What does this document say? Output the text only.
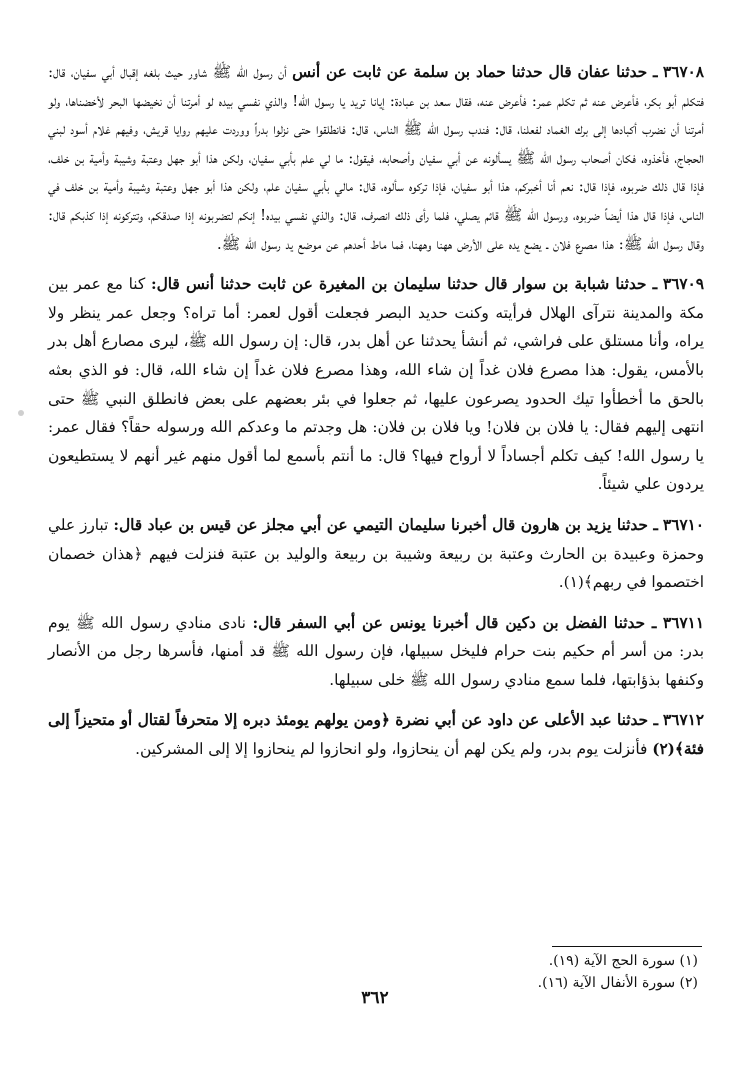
٣٦٧٠٨ ـ حدثنا عفان قال حدثنا حماد بن سلمة عن ثابت عن أنس أن رسول الله ﷺ شاور حيث بلغه إقبال أبي سفيان، قال: فتكلم أبو بكر، فأعرض عنه ثم تكلم عمر: فأعرض عنه، فقال سعد بن عبادة: إيانا تريد يا رسول الله! والذي نفسي بيده لو أمرتنا أن نخيضها البحر لأخضناها، ولو أمرتنا أن نضرب أكبادها إلى برك الغماد لفعلنا، قال: فندب رسول الله ﷺ الناس، قال: فانطلقوا حتى نزلوا بدراً ووردت عليهم روايا قريش، وفيهم غلام أسود لبني الحجاج، فأخذوه، فكان أصحاب رسول الله ﷺ يسألونه عن أبي سفيان وأصحابه، فيقول: ما لي علم بأبي سفيان، ولكن هذا أبو جهل وعتبة وشيبة وأمية بن خلف، فإذا قال ذلك ضربوه، فإذا قال: نعم أنا أخبركم، هذا أبو سفيان، فإذا تركوه سألوه، قال: مالي بأبي سفيان علم، ولكن هذا أبو جهل وعتبة وشيبة وأمية بن خلف في الناس، فإذا قال هذا أيضاً ضربوه، ورسول الله ﷺ قائم يصلي، فلما رأى ذلك انصرف، قال: والذي نفسي بيده! إنكم لتضربونه إذا صدقكم، وتتركونه إذا كذبكم قال: وقال رسول الله ﷺ: هذا مصرع فلان ـ يضع يده على الأرض ههنا وههنا، فما ماط أحدهم عن موضع يد رسول الله ﷺ.

٣٦٧٠٩ ـ حدثنا شبابة بن سوار قال حدثنا سليمان بن المغيرة عن ثابت حدثنا أنس قال: كنا مع عمر بين مكة والمدينة نترآى الهلال فرأيته وكنت حديد البصر فجعلت أقول لعمر: أما تراه؟ وجعل عمر ينظر ولا يراه، وأنا مستلق على فراشي، ثم أنشأ يحدثنا عن أهل بدر، قال: إن رسول الله ﷺ، ليرى مصارع أهل بدر بالأمس، يقول: هذا مصرع فلان غداً إن شاء الله، وهذا مصرع فلان غداً إن شاء الله، قال: فو الذي بعثه بالحق ما أخطأوا تيك الحدود يصرعون عليها، ثم جعلوا في بئر بعضهم على بعض فانطلق النبي ﷺ حتى انتهى إليهم فقال: يا فلان بن فلان! ويا فلان بن فلان: هل وجدتم ما وعدكم الله ورسوله حقاً؟ فقال عمر: يا رسول الله! كيف تكلم أجساداً لا أرواح فيها؟ قال: ما أنتم بأسمع لما أقول منهم غير أنهم لا يستطيعون يردون علي شيئاً.

٣٦٧١٠ ـ حدثنا يزيد بن هارون قال أخبرنا سليمان التيمي عن أبي مجلز عن قيس بن عباد قال: تبارز علي وحمزة وعبيدة بن الحارث وعتبة بن ربيعة وشيبة بن ربيعة والوليد بن عتبة فنزلت فيهم ﴿هذان خصمان اختصموا في ربهم﴾(١).

٣٦٧١١ ـ حدثنا الفضل بن دكين قال أخبرنا يونس عن أبي السفر قال: نادى منادي رسول الله ﷺ يوم بدر: من أسر أم حكيم بنت حرام فليخل سبيلها، فإن رسول الله ﷺ قد أمنها، فأسرها رجل من الأنصار وكنفها بذؤابتها، فلما سمع منادي رسول الله ﷺ خلى سبيلها.

٣٦٧١٢ ـ حدثنا عبد الأعلى عن داود عن أبي نضرة ﴿ومن يولهم يومئذ دبره إلا متحرفاً لقتال أو متحيزاً إلى فئة﴾(٢) فأنزلت يوم بدر، ولم يكن لهم أن ينحازوا، ولو انحازوا لم ينحازوا إلا إلى المشركين.

(١) سورة الحج الآية (١٩).

(٢) سورة الأنفال الآية (١٦).

٣٦٢
